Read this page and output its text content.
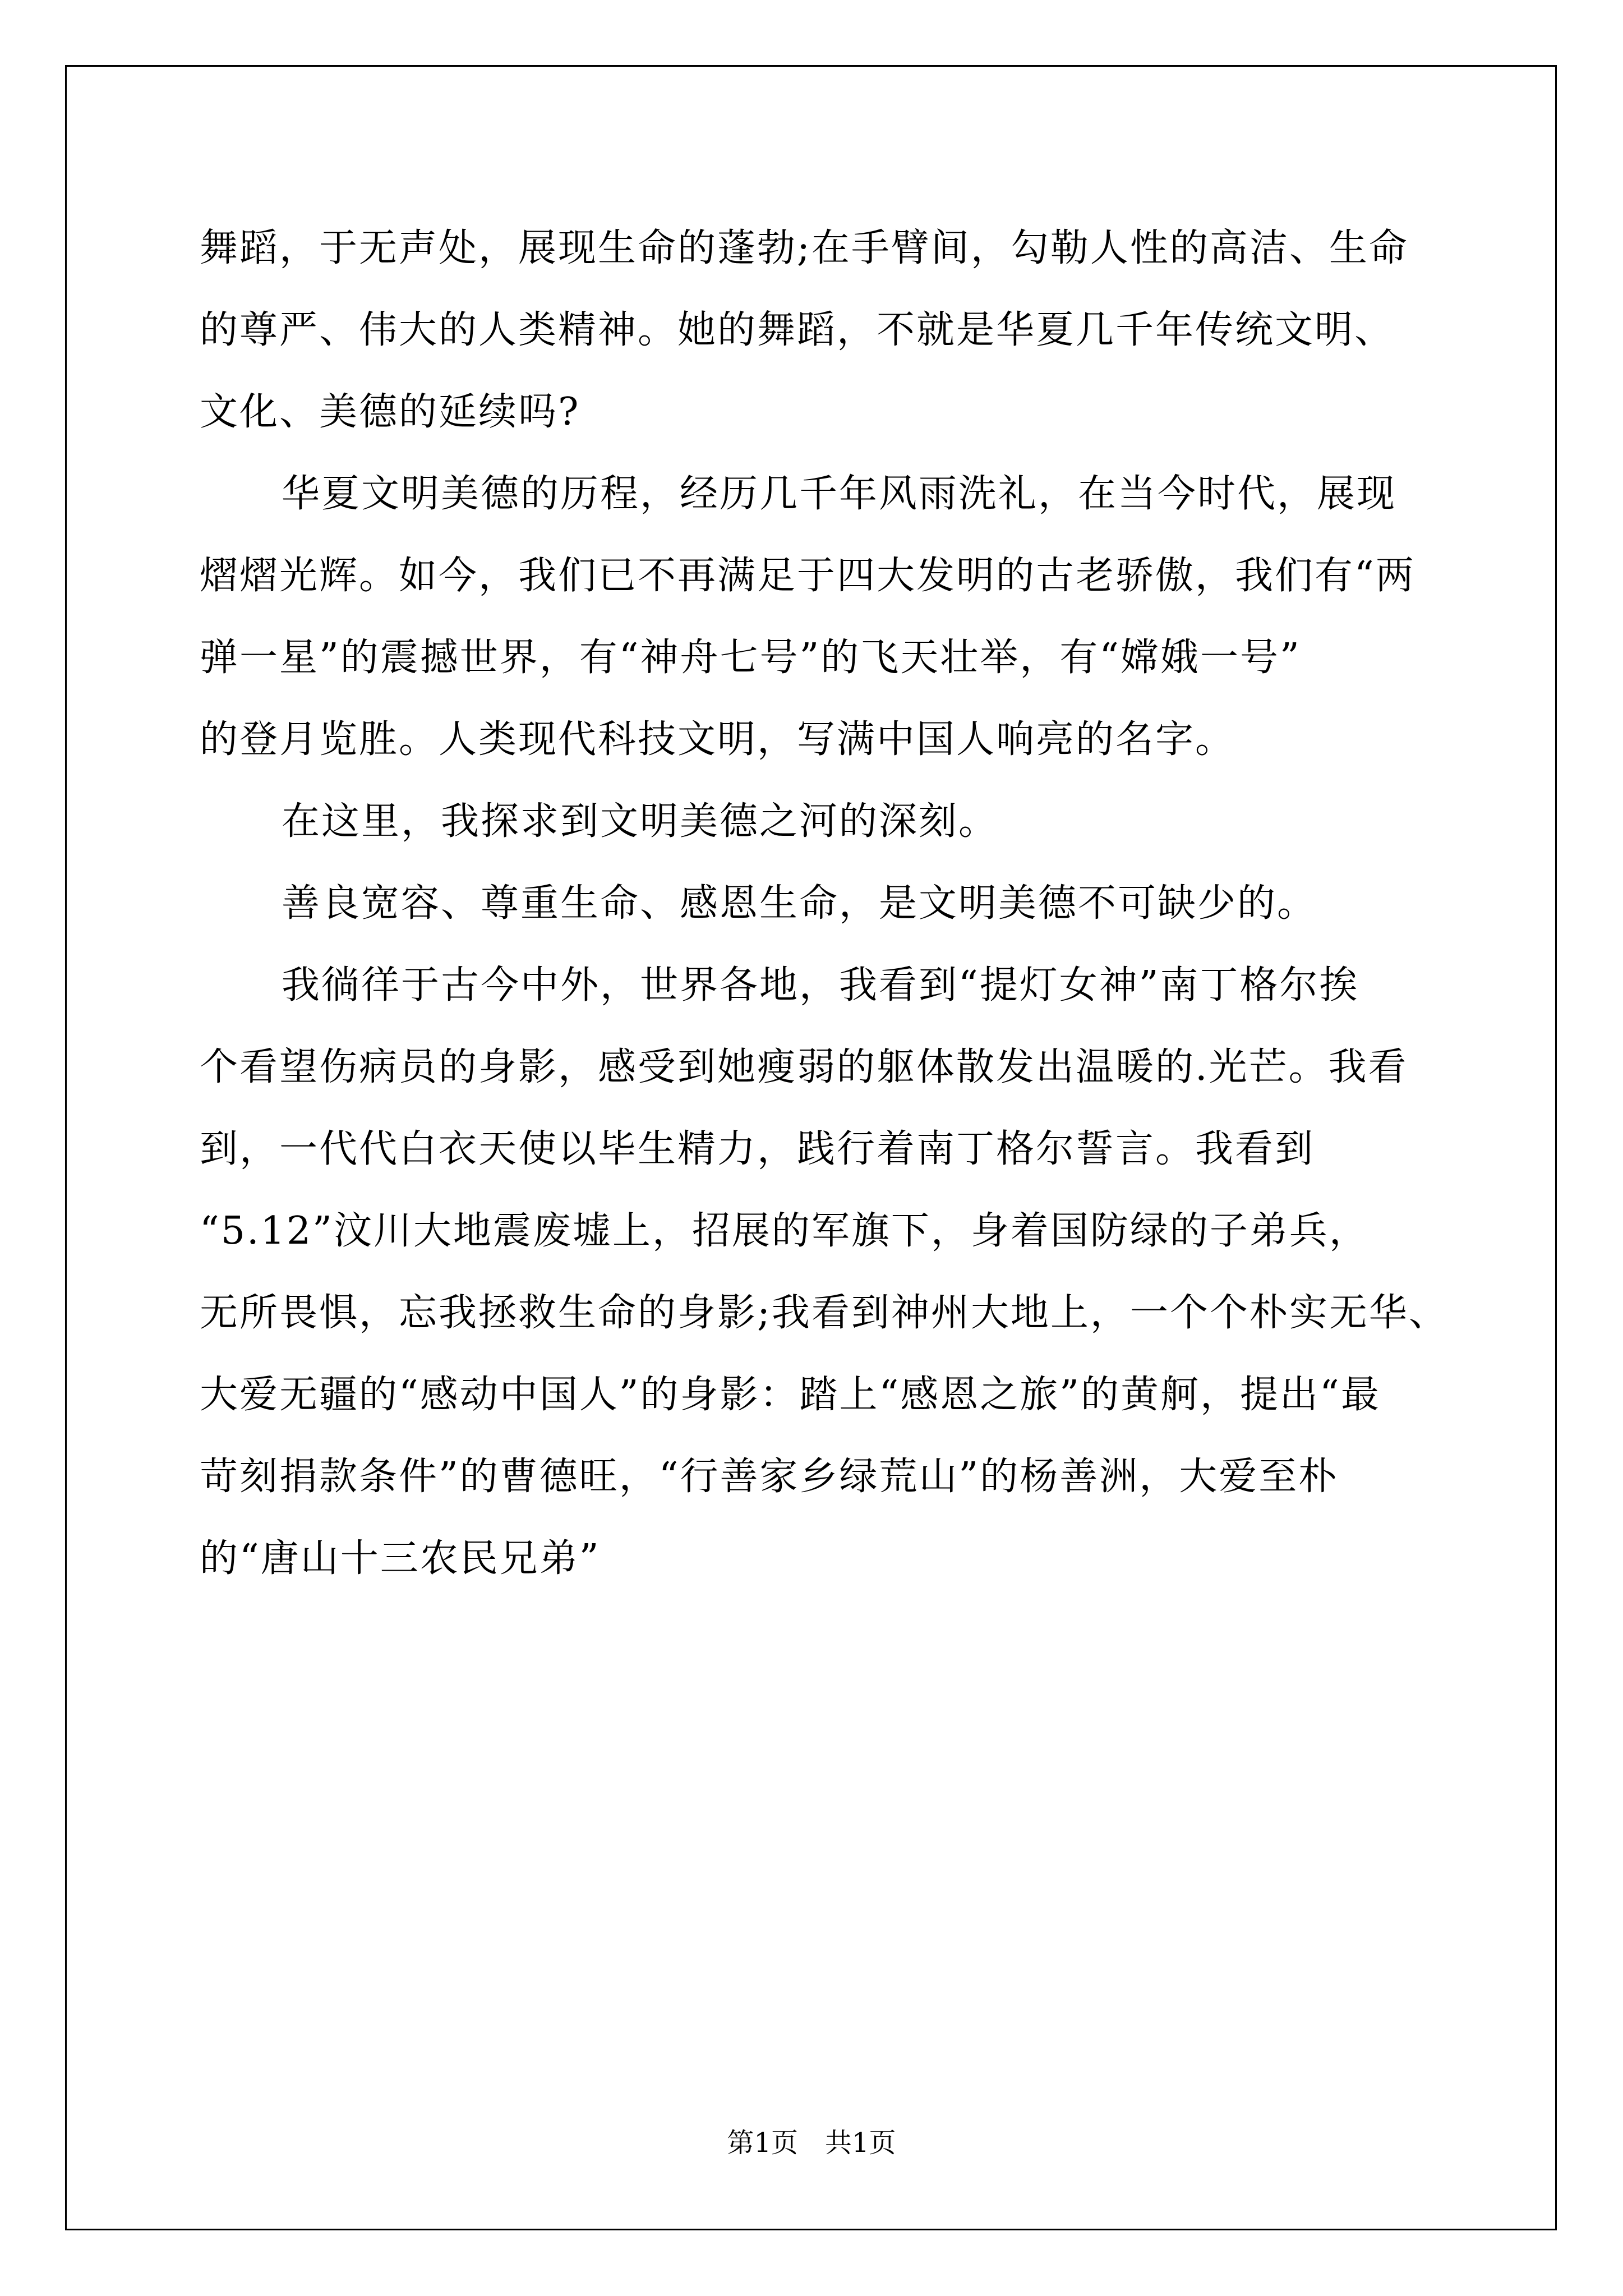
舞蹈，于无声处，展现生命的蓬勃;在手臂间，勾勒人性的高洁、生命
的尊严、伟大的人类精神。她的舞蹈，不就是华夏几千年传统文明、
文化、美德的延续吗?
华夏文明美德的历程，经历几千年风雨洗礼，在当今时代，展现
熠熠光辉。如今，我们已不再满足于四大发明的古老骄傲，我们有“两
弹一星”的震撼世界，有“神舟七号”的飞天壮举，有“嫦娥一号”
的登月览胜。人类现代科技文明，写满中国人响亮的名字。
在这里，我探求到文明美德之河的深刻。
善良宽容、尊重生命、感恩生命，是文明美德不可缺少的。
我徜徉于古今中外，世界各地，我看到“提灯女神”南丁格尔挨
个看望伤病员的身影，感受到她瘦弱的躯体散发出温暖的.光芒。我看
到，一代代白衣天使以毕生精力，践行着南丁格尔誓言。我看到
“5.12”汶川大地震废墟上，招展的军旗下，身着国防绿的子弟兵，
无所畏惧，忘我拯救生命的身影;我看到神州大地上，一个个朴实无华、
大爱无疆的“感动中国人”的身影：踏上“感恩之旅”的黄舸，提出“最
苛刻捐款条件”的曹德旺，“行善家乡绿荒山”的杨善洲，大爱至朴
的“唐山十三农民兄弟”
第1页　共1页
